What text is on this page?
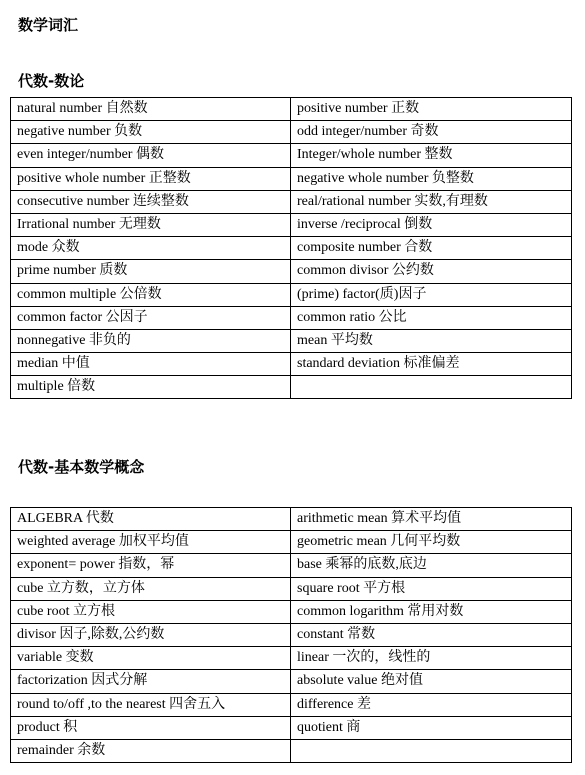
数学词汇
代数-数论
natural number 自然数	positive number 正数
negative number 负数	odd integer/number 奇数
even integer/number 偶数	Integer/whole number 整数
positive whole number 正整数	negative whole number 负整数
consecutive number 连续整数	real/rational number 实数,有理数
Irrational number 无理数	inverse /reciprocal 倒数
mode 众数	composite number 合数
prime number 质数	common divisor 公约数
common multiple 公倍数	(prime) factor(质)因子
common factor 公因子	common ratio 公比
nonnegative 非负的	mean 平均数
median 中值	standard deviation 标准偏差
multiple 倍数	
代数-基本数学概念
ALGEBRA 代数	arithmetic mean 算术平均值
weighted average 加权平均值	geometric mean 几何平均数
exponent= power 指数，幂	base 乘幂的底数,底边
cube 立方数，立方体	square root 平方根
cube root 立方根	common logarithm 常用对数
divisor 因子,除数,公约数	constant 常数
variable 变数	linear 一次的，线性的
factorization 因式分解	absolute value 绝对值
round to/off ,to the nearest 四舍五入	difference 差
product 积	quotient 商
remainder 余数	
